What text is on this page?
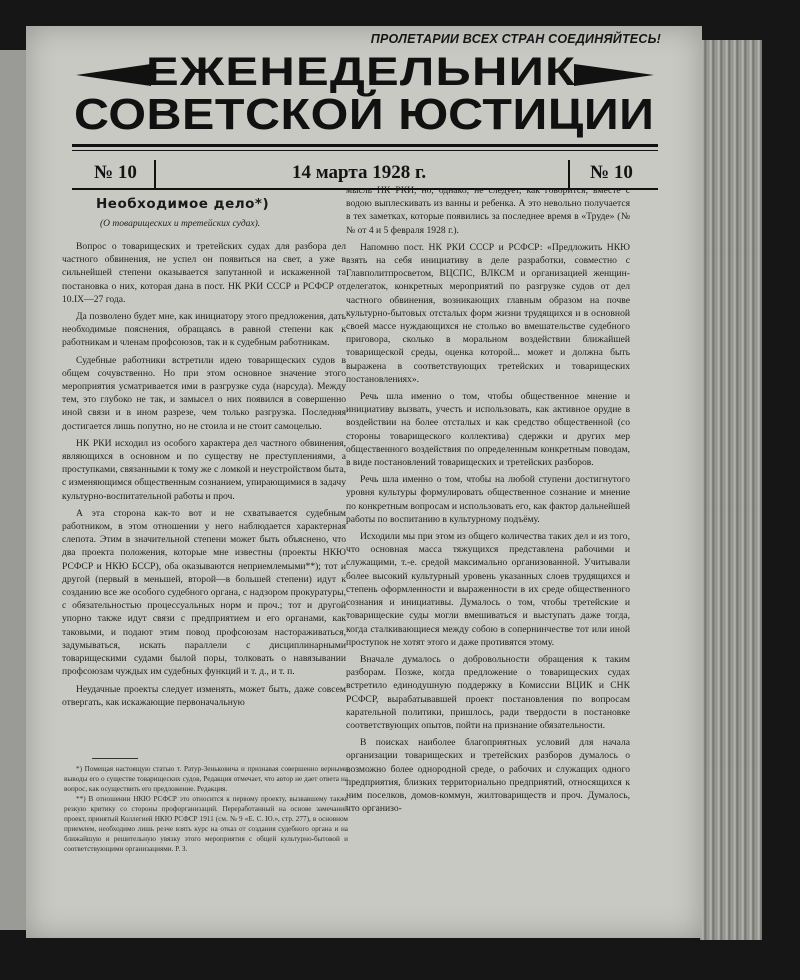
ПРОЛЕТАРИИ ВСЕХ СТРАН СОЕДИНЯЙТЕСЬ!
ЕЖЕНЕДЕЛЬНИК
СОВЕТСКОЙ ЮСТИЦИИ
№ 10	14 марта 1928 г.	№ 10
Необходимое дело*)
(О товарищеских и третейских судах).

Вопрос о товарищеских и третейских судах для разбора дел частного обвинения, не успел он появиться на свет, а уже в сильнейшей степени оказывается запутанной и искаженной та постановка о них, которая дана в пост. НК РКИ СССР и РСФСР от 10.IX—27 года.

Да позволено будет мне, как инициатору этого предложения, дать необходимые пояснения, обращаясь в равной степени как к работникам и членам профсоюзов, так и к судебным работникам.

Судебные работники встретили идею товарищеских судов в общем сочувственно. Но при этом основное значение этого мероприятия усматривается ими в разгрузке суда (нарсуда). Между тем, это глубоко не так, и замысел о них появился в совершенно иной связи и в ином разрезе, чем только разгрузка. Последняя достигается лишь попутно, но не стоила и не стоит самоцелью.

НК РКИ исходил из особого характера дел частного обвинения, являющихся в основном и по существу не преступлениями, а проступками, связанными к тому же с ломкой и неустройством быта, с изменяющимся общественным сознанием, упирающимися в задачу культурно-воспитательной работы и проч.

А эта сторона как-то вот и не схватывается судебным работником, в этом отношении у него наблюдается характерная слепота. Этим в значительной степени может быть объяснено, что два проекта положения, которые мне известны (проекты НКЮ РСФСР и НКЮ БССР), оба оказываются неприемлемыми**); тот и другой (первый в меньшей, второй—в большей степени) идут к созданию все же особого судебного органа, с надзором прокуратуры, с обязательностью процессуальных норм и проч.; тот и другой упорно также идут связи с предприятием и его органами, как таковыми, и подают этим повод профсоюзам настораживаться, задумываться, искать параллели с дисциплинарными товарищескими судами былой поры, толковать о навязывании профсоюзам чуждых им судебных функций и т. д., и т. п.

Неудачные проекты следует изменять, может быть, даже совсем отвергать, как искажающие первоначальную

*) Помещая настоящую статью т. Ратур-Зеньковича и признавая совершенно верными выводы его о существе товарищеских судов, Редакция отмечает, что автор не дает ответа на вопрос, как осуществить его предложение. Редакция.

**) В отношении НКЮ РСФСР это относится к первому проекту, вызвавшему также резкую критику со стороны профорганизаций. Переработанный на основе замечаний проект, принятый Коллегией НКЮ РСФСР 1911 (см. № 9 «Е. С. Ю.», стр. 277), в основном приемлем, необходимо лишь резче взять курс на отказ от создания судебного органа и на ближайшую и решительную увязку этого мероприятия с общей культурно-бытовой и соответствующими организациями. Р. З.

мысль НК РКИ, но, однако, не следует, как говорится, вместе с водою выплескивать из ванны и ребенка. А это невольно получается в тех заметках, которые появились за последнее время в «Труде» (№№ от 4 и 5 февраля 1928 г.).

Напомню пост. НК РКИ СССР и РСФСР: «Предложить НКЮ взять на себя инициативу в деле разработки, совместно с Главполитпросветом, ВЦСПС, ВЛКСМ и организацией женщин-делегаток, конкретных мероприятий по разгрузке судов от дел частного обвинения, возникающих главным образом на почве культурно-бытовых отсталых форм жизни трудящихся и в основной своей массе нуждающихся не столько во вмешательстве судебного приговора, сколько в моральном воздействии ближайшей товарищеской среды, оценка которой... может и должна быть выражена в соответствующих третейских и товарищеских постановлениях».

Речь шла именно о том, чтобы общественное мнение и инициативу вызвать, учесть и использовать, как активное орудие в воздействии на более отсталых и как средство общественной (со стороны товарищеского коллектива) сдержки и других мер общественного воздействия по определенным конкретным поводам, в виде постановлений товарищеских и третейских разборов.

Речь шла именно о том, чтобы на любой ступени достигнутого уровня культуры формулировать общественное сознание и мнение по конкретным вопросам и использовать его, как фактор дальнейшей работы по воспитанию в культурному подъёму.

Исходили мы при этом из общего количества таких дел и из того, что основная масса тяжущихся представлена рабочими и служащими, т.-е. средой максимально организованной. Учитывали более высокий культурный уровень указанных слоев трудящихся и степень оформленности и выраженности в их среде общественного сознания и инициативы. Думалось о том, чтобы третейские и товарищеские суды могли вмешиваться и выступать даже тогда, когда сталкивающиеся между собою в сопернинчестве тот или иной проступок не хотят этого и даже противятся этому.

Вначале думалось о добровольности обращения к таким разборам. Позже, когда предложение о товарищеских судах встретило единодушную поддержку в Комиссии ВЦИК и СНК РСФСР, вырабатывавшей проект постановления по вопросам карательной политики, пришлось, ради твердости в постановке соответствующих опытов, пойти на признание обязательности.

В поисках наиболее благоприятных условий для начала организации товарищеских и третейских разборов думалось о возможно более однородной среде, о рабочих и служащих одного предприятия, близких территориально предприятий, относящихся к ним поселков, домов-коммун, жилтовариществ и проч. Думалось, что организо-
